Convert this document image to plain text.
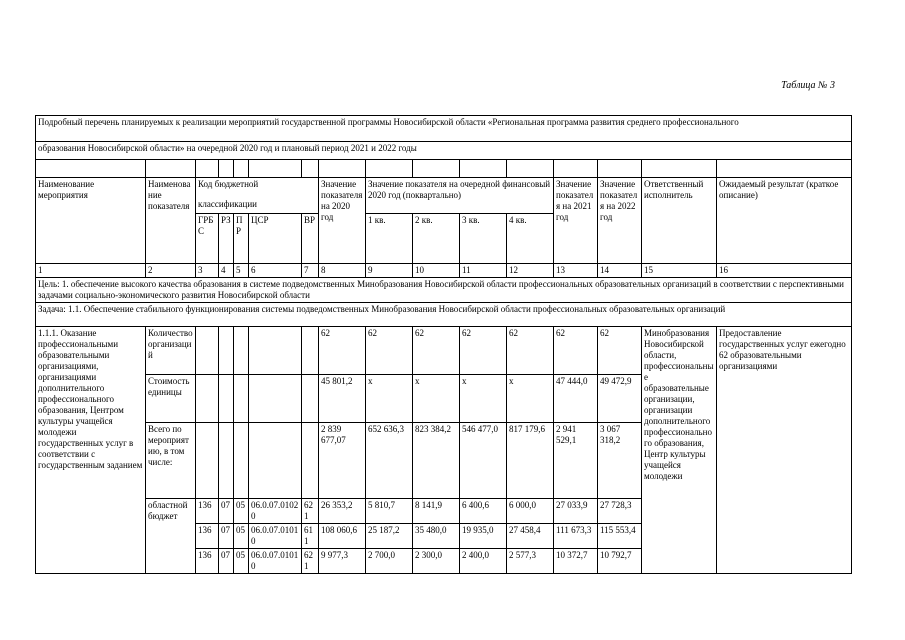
Таблица № 3
Подробный перечень планируемых к реализации мероприятий государственной программы Новосибирской области «Региональная программа развития среднего профессионального															
образования Новосибирской области» на очередной 2020 год и плановый период 2021 и 2022 годы															

Наименование мероприятия	Наименование показателя	Код бюджетной					Значение показателя на 2020 год	Значение показателя на очередной финансовый 2020 год (поквартально)				Значение показателя на 2021 год	Значение показателя на 2022 год	Ответственный исполнитель	Ожидаемый результат (краткое описание)
		классификации													
		ГРБС	РЗ	ПР	ЦСР	ВР		1 кв.	2 кв.	3 кв.	4 кв.				
1	2	3	4	5	6	7	8	9	10	11	12	13	14	15	16
Цель: 1. обеспечение высокого качества образования в системе подведомственных Минобразования Новосибирской области профессиональных образовательных организаций в соответствии с перспективными задачами социально-экономического развития Новосибирской области															
Задача: 1.1. Обеспечение стабильного функционирования системы подведомственных Минобразования Новосибирской области профессиональных образовательных организаций															
1.1.1. Оказание профессиональными образовательными организациями, организациями дополнительного профессионального образования, Центром культуры учащейся молодежи государственных услуг в соответствии с государственным заданием	Количество организаций						62	62	62	62	62	62	62	Минобразования Новосибирской области, профессиональные образовательные организации, организации дополнительного профессионального образования, Центр культуры учащейся молодежи	Предоставление государственных услуг ежегодно 62 образовательными организациями
	Стоимость единицы						45 801,2	x	x	x	x	47 444,0	49 472,9		
	Всего по мероприятию, в том числе:						2 839 677,07	652 636,3	823 384,2	546 477,0	817 179,6	2 941 529,1	3 067 318,2		
	областной бюджет	136	07	05	06.0.07.01020	621	26 353,2	5 810,7	8 141,9	6 400,6	6 000,0	27 033,9	27 728,3		
		136	07	05	06.0.07.01010	611	108 060,6	25 187,2	35 480,0	19 935,0	27 458,4	111 673,3	115 553,4		
		136	07	05	06.0.07.01010	621	9 977,3	2 700,0	2 300,0	2 400,0	2 577,3	10 372,7	10 792,7		
